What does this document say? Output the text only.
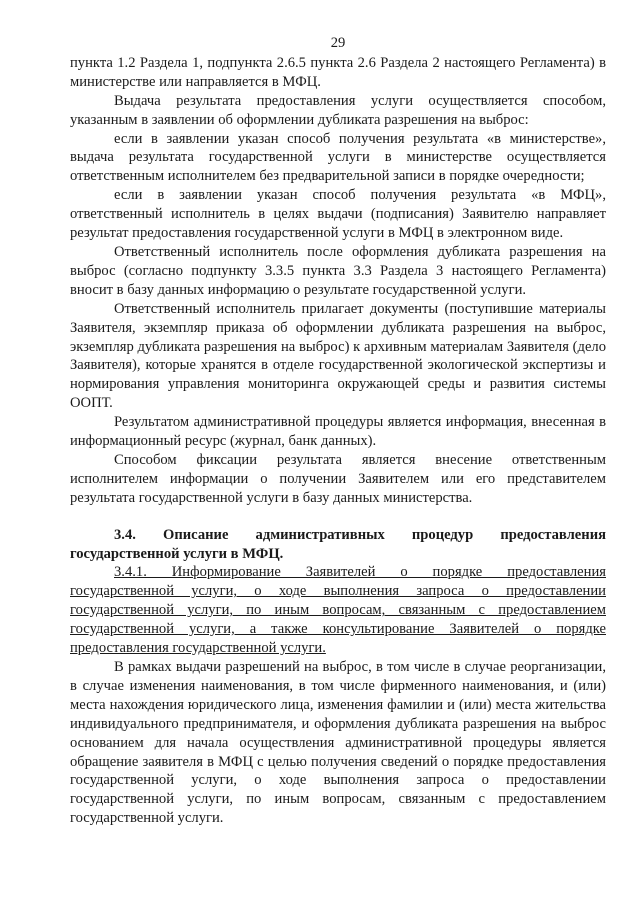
29

пункта 1.2 Раздела 1, подпункта 2.6.5 пункта 2.6 Раздела 2 настоящего Регламента) в министерстве или направляется в МФЦ.

Выдача результата предоставления услуги осуществляется способом, указанным в заявлении об оформлении дубликата разрешения на выброс:

если в заявлении указан способ получения результата «в министерстве», выдача результата государственной услуги в министерстве осуществляется ответственным исполнителем без предварительной записи в порядке очередности;

если в заявлении указан способ получения результата «в МФЦ», ответственный исполнитель в целях выдачи (подписания) Заявителю направляет результат предоставления государственной услуги в МФЦ в электронном виде.

Ответственный исполнитель после оформления дубликата разрешения на выброс (согласно подпункту 3.3.5 пункта 3.3 Раздела 3 настоящего Регламента) вносит в базу данных информацию о результате государственной услуги.

Ответственный исполнитель прилагает документы (поступившие материалы Заявителя, экземпляр приказа об оформлении дубликата разрешения на выброс, экземпляр дубликата разрешения на выброс) к архивным материалам Заявителя (дело Заявителя), которые хранятся в отделе государственной экологической экспертизы и нормирования управления мониторинга окружающей среды и развития системы ООПТ.

Результатом административной процедуры является информация, внесенная в информационный ресурс (журнал, банк данных).

Способом фиксации результата является внесение ответственным исполнителем информации о получении Заявителем или его представителем результата государственной услуги в базу данных министерства.

3.4. Описание административных процедур предоставления государственной услуги в МФЦ.

3.4.1. Информирование Заявителей о порядке предоставления государственной услуги, о ходе выполнения запроса о предоставлении государственной услуги, по иным вопросам, связанным с предоставлением государственной услуги, а также консультирование Заявителей о порядке предоставления государственной услуги.

В рамках выдачи разрешений на выброс, в том числе в случае реорганизации, в случае изменения наименования, в том числе фирменного наименования, и (или) места нахождения юридического лица, изменения фамилии и (или) места жительства индивидуального предпринимателя, и оформления дубликата разрешения на выброс основанием для начала осуществления административной процедуры является обращение заявителя в МФЦ с целью получения сведений о порядке предоставления государственной услуги, о ходе выполнения запроса о предоставлении государственной услуги, по иным вопросам, связанным с предоставлением государственной услуги.
